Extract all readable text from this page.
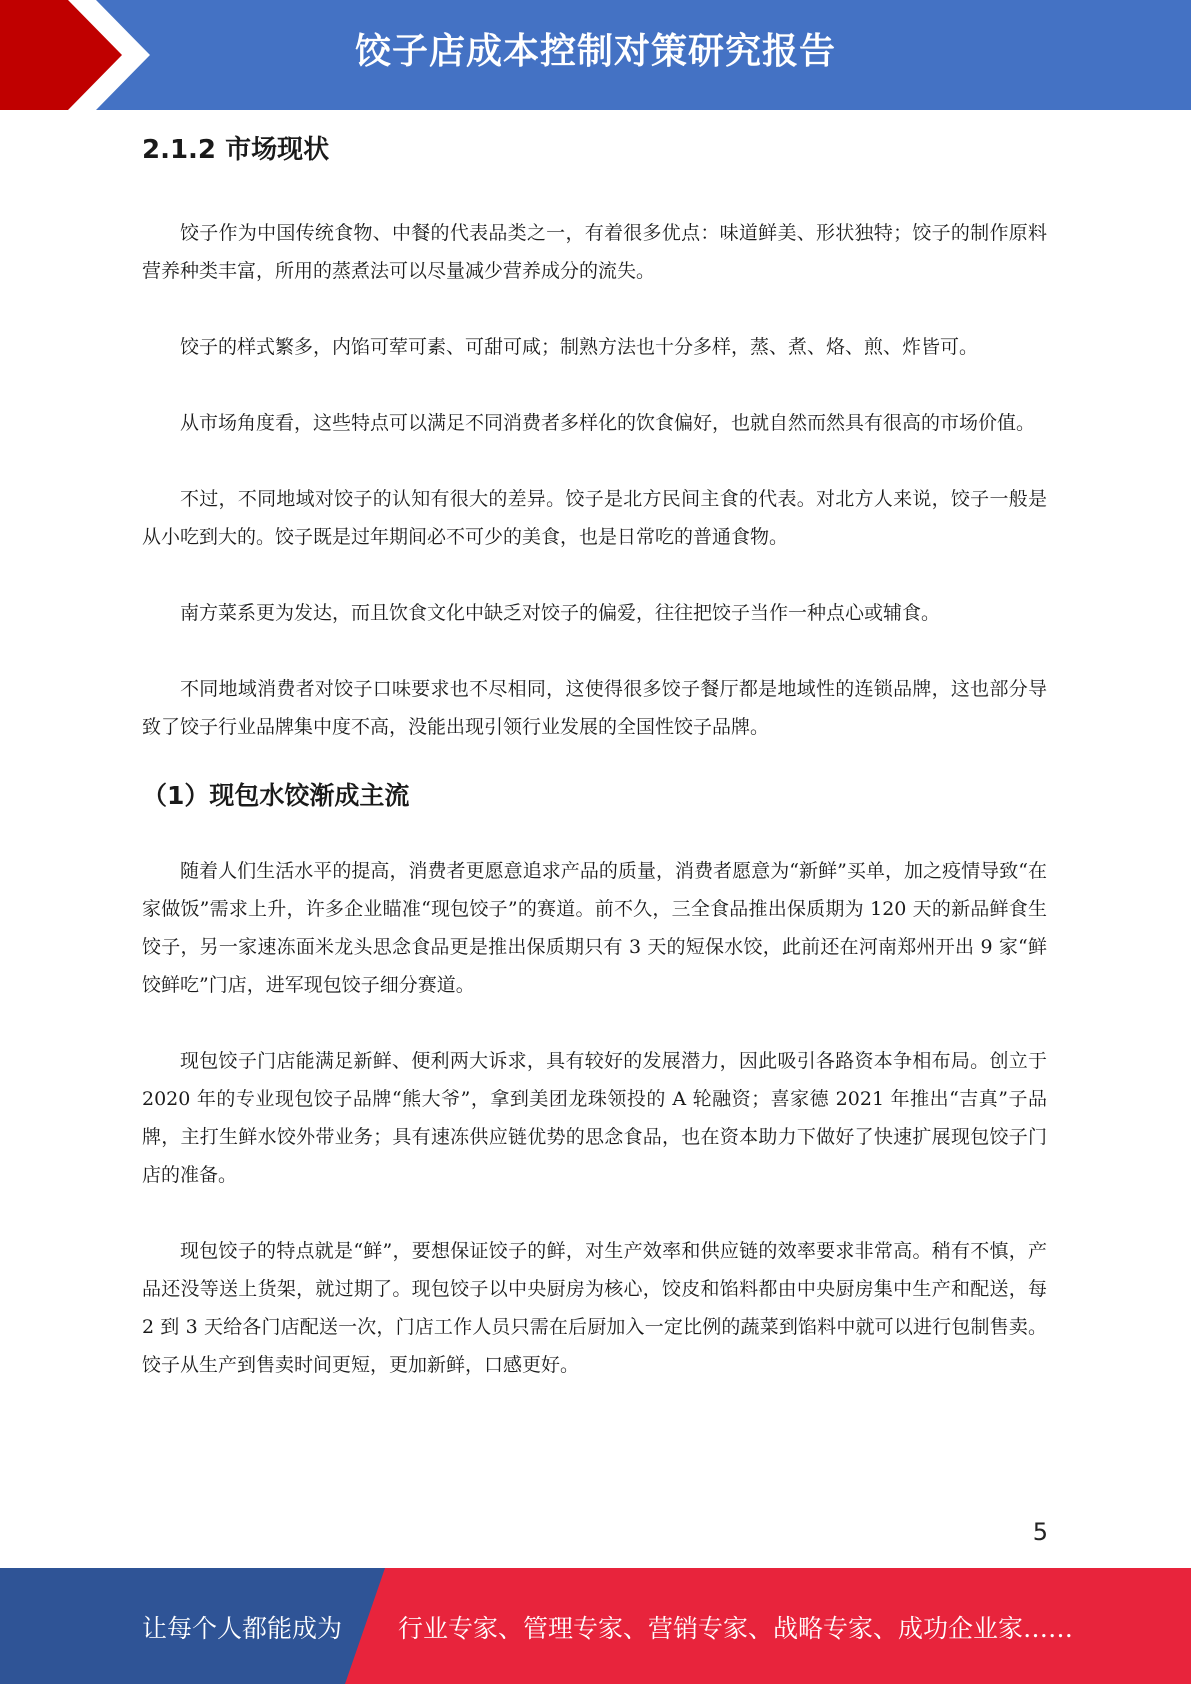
饺子店成本控制对策研究报告
2.1.2 市场现状

饺子作为中国传统食物、中餐的代表品类之一，有着很多优点：味道鲜美、形状独特；饺子的制作原料营养种类丰富，所用的蒸煮法可以尽量减少营养成分的流失。

饺子的样式繁多，内馅可荤可素、可甜可咸；制熟方法也十分多样，蒸、煮、烙、煎、炸皆可。

从市场角度看，这些特点可以满足不同消费者多样化的饮食偏好，也就自然而然具有很高的市场价值。

不过，不同地域对饺子的认知有很大的差异。饺子是北方民间主食的代表。对北方人来说，饺子一般是从小吃到大的。饺子既是过年期间必不可少的美食，也是日常吃的普通食物。

南方菜系更为发达，而且饮食文化中缺乏对饺子的偏爱，往往把饺子当作一种点心或辅食。

不同地域消费者对饺子口味要求也不尽相同，这使得很多饺子餐厅都是地域性的连锁品牌，这也部分导致了饺子行业品牌集中度不高，没能出现引领行业发展的全国性饺子品牌。

（1）现包水饺渐成主流

随着人们生活水平的提高，消费者更愿意追求产品的质量，消费者愿意为“新鲜”买单，加之疫情导致“在家做饭”需求上升，许多企业瞄准“现包饺子”的赛道。前不久，三全食品推出保质期为 120 天的新品鲜食生饺子，另一家速冻面米龙头思念食品更是推出保质期只有 3 天的短保水饺，此前还在河南郑州开出 9 家“鲜饺鲜吃”门店，进军现包饺子细分赛道。

现包饺子门店能满足新鲜、便利两大诉求，具有较好的发展潜力，因此吸引各路资本争相布局。创立于 2020 年的专业现包饺子品牌“熊大爷”，拿到美团龙珠领投的 A 轮融资；喜家德 2021 年推出“吉真”子品牌，主打生鲜水饺外带业务；具有速冻供应链优势的思念食品，也在资本助力下做好了快速扩展现包饺子门店的准备。

现包饺子的特点就是“鲜”，要想保证饺子的鲜，对生产效率和供应链的效率要求非常高。稍有不慎，产品还没等送上货架，就过期了。现包饺子以中央厨房为核心，饺皮和馅料都由中央厨房集中生产和配送，每 2 到 3 天给各门店配送一次，门店工作人员只需在后厨加入一定比例的蔬菜到馅料中就可以进行包制售卖。饺子从生产到售卖时间更短，更加新鲜，口感更好。

5
让每个人都能成为 行业专家、管理专家、营销专家、战略专家、成功企业家……
